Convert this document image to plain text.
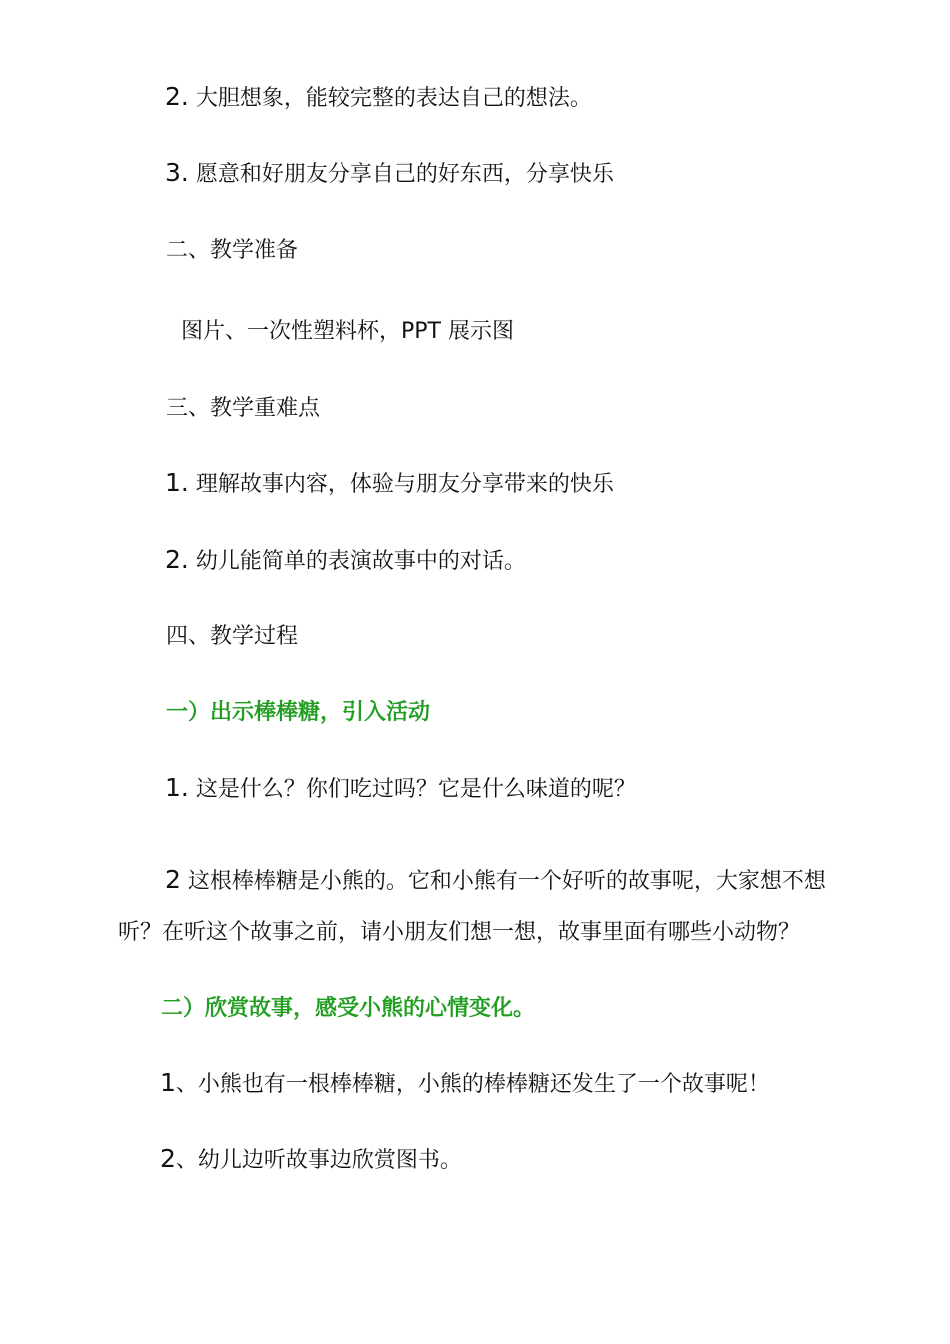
2. 大胆想象，能较完整的表达自己的想法。
3. 愿意和好朋友分享自己的好东西，分享快乐
二、教学准备
图片、一次性塑料杯，PPT 展示图
三、教学重难点
1. 理解故事内容，体验与朋友分享带来的快乐
2. 幼儿能简单的表演故事中的对话。
四、教学过程
一）出示棒棒糖，引入活动
1. 这是什么？你们吃过吗？它是什么味道的呢？
2 这根棒棒糖是小熊的。它和小熊有一个好听的故事呢，大家想不想
听？在听这个故事之前，请小朋友们想一想，故事里面有哪些小动物？
二）欣赏故事，感受小熊的心情变化。
1、小熊也有一根棒棒糖，小熊的棒棒糖还发生了一个故事呢！
2、幼儿边听故事边欣赏图书。
